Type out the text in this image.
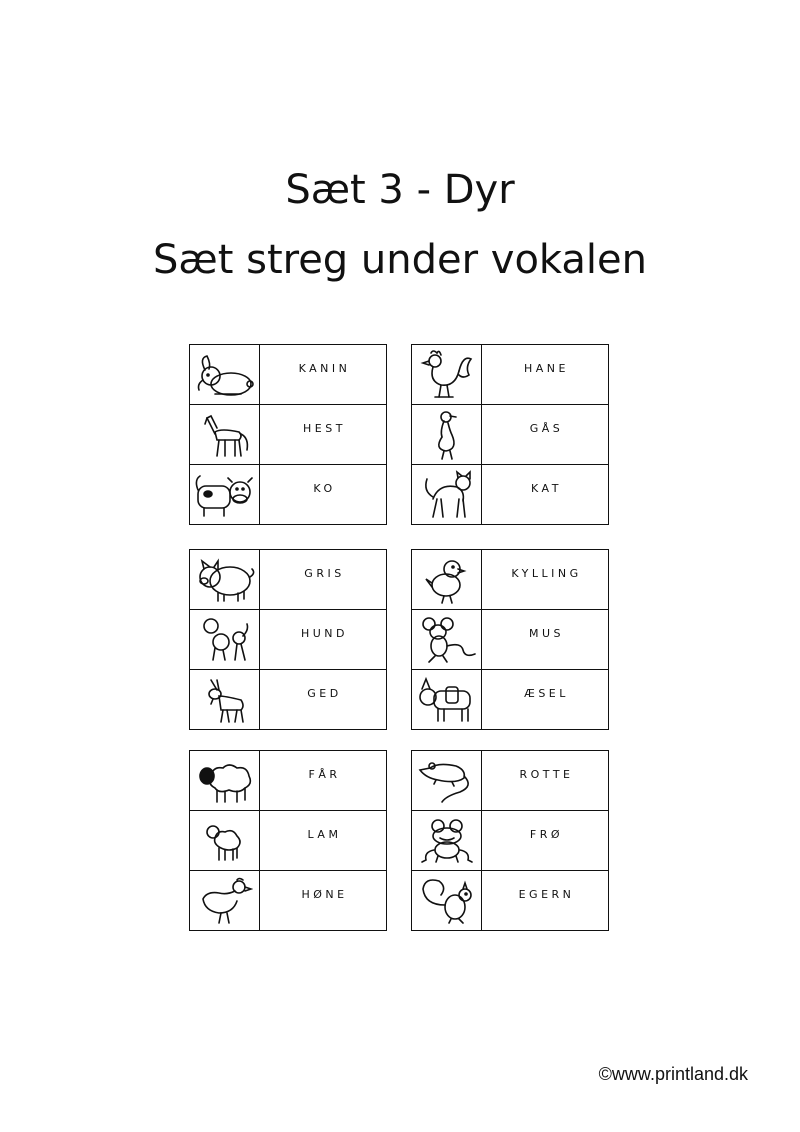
Sæt 3 - Dyr
Sæt streg under vokalen

KANIN

HEST

KO

HANE

GÅS

KAT

GRIS

HUND

GED

KYLLING

MUS

ÆSEL

FÅR

LAM

HØNE

ROTTE

FRØ

EGERN
©www.printland.dk
